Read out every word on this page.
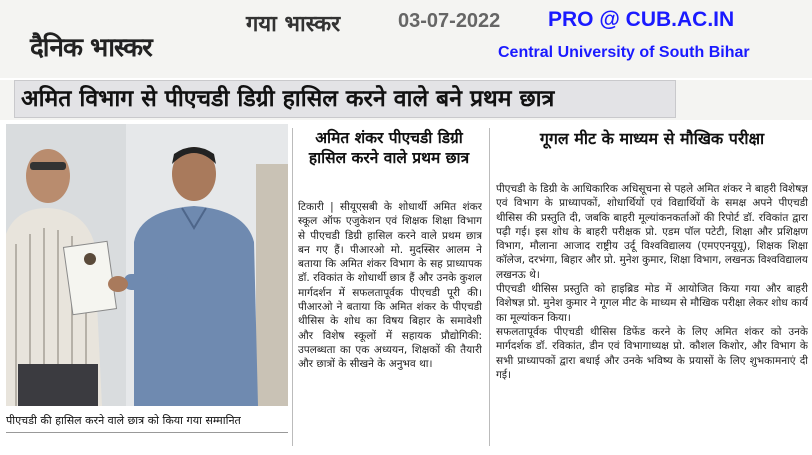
दैनिक भास्कर
गया भास्कर	03-07-2022 PRO @ CUB.AC.IN
Central University of South Bihar
अमित विभाग से पीएचडी डिग्री हासिल करने वाले बने प्रथम छात्र
पीएचडी की हासिल करने वाले छात्र को किया गया सम्मानित
अमित शंकर पीएचडी डिग्री हासिल करने वाले प्रथम छात्र

टिकारी | सीयूएसबी के शोधार्थी अमित शंकर स्कूल ऑफ एजुकेशन एवं शिक्षक शिक्षा विभाग से पीएचडी डिग्री हासिल करने वाले प्रथम छात्र बन गए हैं। पीआरओ मो. मुदस्सिर आलम ने बताया कि अमित शंकर विभाग के सह प्राध्यापक डॉ. रविकांत के शोधार्थी छात्र हैं और उनके कुशल मार्गदर्शन में सफलतापूर्वक पीएचडी पूरी की। पीआरओ ने बताया कि अमित शंकर के पीएचडी थीसिस के शोध का विषय बिहार के समावेशी और विशेष स्कूलों में सहायक प्रौद्योगिकी: उपलब्धता का एक अध्ययन, शिक्षकों की तैयारी और छात्रों के सीखने के अनुभव था।

गूगल मीट के माध्यम से मौखिक परीक्षा

पीएचडी के डिग्री के आधिकारिक अधिसूचना से पहले अमित शंकर ने बाहरी विशेषज्ञ एवं विभाग के प्राध्यापकों, शोधार्थियों एवं विद्यार्थियों के समक्ष अपने पीएचडी थीसिस की प्रस्तुति दी, जबकि बाहरी मूल्यांकनकर्ताओं की रिपोर्ट डॉ. रविकांत द्वारा पढ़ी गई। इस शोध के बाहरी परीक्षक प्रो. एडम पॉल पटेटी, शिक्षा और प्रशिक्षण विभाग, मौलाना आजाद राष्ट्रीय उर्दू विश्वविद्यालय (एमएएनयूयू), शिक्षक शिक्षा कॉलेज, दरभंगा, बिहार और प्रो. मुनेश कुमार, शिक्षा विभाग, लखनऊ विश्वविद्यालय लखनऊ थे।

पीएचडी थीसिस प्रस्तुति को हाइब्रिड मोड में आयोजित किया गया और बाहरी विशेषज्ञ प्रो. मुनेश कुमार ने गूगल मीट के माध्यम से मौखिक परीक्षा लेकर शोध कार्य का मूल्यांकन किया।

सफलतापूर्वक पीएचडी थीसिस डिफेंड करने के लिए अमित शंकर को उनके मार्गदर्शक डॉ. रविकांत, डीन एवं विभागाध्यक्ष प्रो. कौशल किशोर, और विभाग के सभी प्राध्यापकों द्वारा बधाई और उनके भविष्य के प्रयासों के लिए शुभकामनाएं दी गई।
